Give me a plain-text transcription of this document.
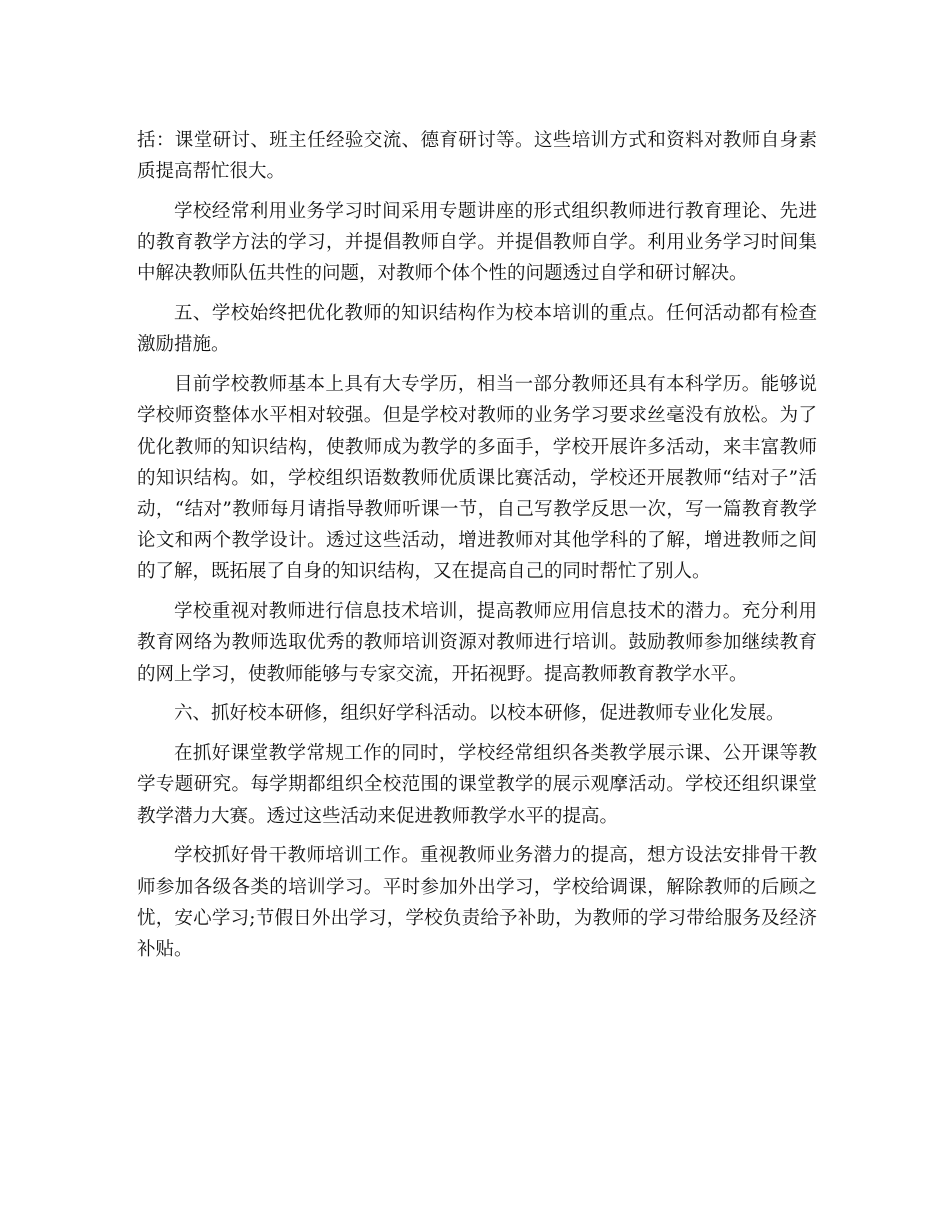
括：课堂研讨、班主任经验交流、德育研讨等。这些培训方式和资料对教师自身素质提高帮忙很大。

学校经常利用业务学习时间采用专题讲座的形式组织教师进行教育理论、先进的教育教学方法的学习，并提倡教师自学。并提倡教师自学。利用业务学习时间集中解决教师队伍共性的问题，对教师个体个性的问题透过自学和研讨解决。

五、学校始终把优化教师的知识结构作为校本培训的重点。任何活动都有检查激励措施。

目前学校教师基本上具有大专学历，相当一部分教师还具有本科学历。能够说学校师资整体水平相对较强。但是学校对教师的业务学习要求丝毫没有放松。为了优化教师的知识结构，使教师成为教学的多面手，学校开展许多活动，来丰富教师的知识结构。如，学校组织语数教师优质课比赛活动，学校还开展教师“结对子”活动，“结对”教师每月请指导教师听课一节，自己写教学反思一次，写一篇教育教学论文和两个教学设计。透过这些活动，增进教师对其他学科的了解，增进教师之间的了解，既拓展了自身的知识结构，又在提高自己的同时帮忙了别人。

学校重视对教师进行信息技术培训，提高教师应用信息技术的潜力。充分利用教育网络为教师选取优秀的教师培训资源对教师进行培训。鼓励教师参加继续教育的网上学习，使教师能够与专家交流，开拓视野。提高教师教育教学水平。

六、抓好校本研修，组织好学科活动。以校本研修，促进教师专业化发展。

在抓好课堂教学常规工作的同时，学校经常组织各类教学展示课、公开课等教学专题研究。每学期都组织全校范围的课堂教学的展示观摩活动。学校还组织课堂教学潜力大赛。透过这些活动来促进教师教学水平的提高。

学校抓好骨干教师培训工作。重视教师业务潜力的提高，想方设法安排骨干教师参加各级各类的培训学习。平时参加外出学习，学校给调课，解除教师的后顾之忧，安心学习;节假日外出学习，学校负责给予补助，为教师的学习带给服务及经济补贴。
